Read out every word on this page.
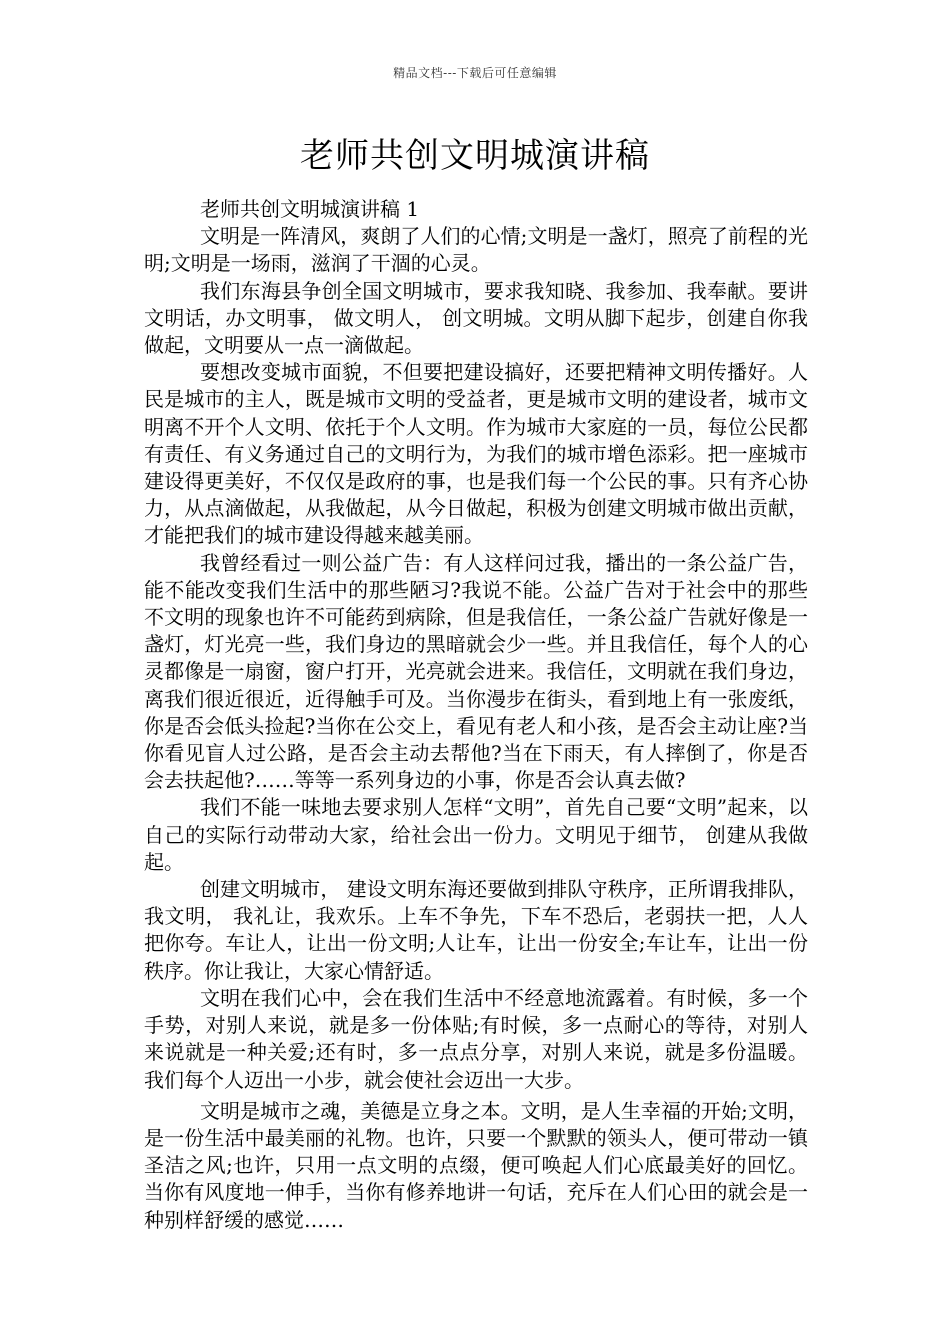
精品文档---下载后可任意编辑
老师共创文明城演讲稿

老师共创文明城演讲稿 1

文明是一阵清风，爽朗了人们的心情;文明是一盏灯，照亮了前程的光明;文明是一场雨，滋润了干涸的心灵。

我们东海县争创全国文明城市，要求我知晓、我参加、我奉献。要讲文明话，办文明事， 做文明人， 创文明城。文明从脚下起步，创建自你我做起，文明要从一点一滴做起。

要想改变城市面貌，不但要把建设搞好，还要把精神文明传播好。人民是城市的主人，既是城市文明的受益者，更是城市文明的建设者，城市文明离不开个人文明、依托于个人文明。作为城市大家庭的一员，每位公民都有责任、有义务通过自己的文明行为，为我们的城市增色添彩。把一座城市建设得更美好，不仅仅是政府的事，也是我们每一个公民的事。只有齐心协力，从点滴做起，从我做起，从今日做起，积极为创建文明城市做出贡献，才能把我们的城市建设得越来越美丽。

我曾经看过一则公益广告：有人这样问过我，播出的一条公益广告，能不能改变我们生活中的那些陋习?我说不能。公益广告对于社会中的那些不文明的现象也许不可能药到病除，但是我信任，一条公益广告就好像是一盏灯，灯光亮一些，我们身边的黑暗就会少一些。并且我信任，每个人的心灵都像是一扇窗，窗户打开，光亮就会进来。我信任，文明就在我们身边，离我们很近很近，近得触手可及。当你漫步在街头，看到地上有一张废纸，你是否会低头捡起?当你在公交上，看见有老人和小孩，是否会主动让座?当你看见盲人过公路，是否会主动去帮他?当在下雨天，有人摔倒了，你是否会去扶起他?……等等一系列身边的小事，你是否会认真去做?

我们不能一味地去要求别人怎样“文明”，首先自己要“文明”起来，以自己的实际行动带动大家，给社会出一份力。文明见于细节， 创建从我做起。

创建文明城市， 建设文明东海还要做到排队守秩序，正所谓我排队， 我文明， 我礼让，我欢乐。上车不争先，下车不恐后，老弱扶一把，人人把你夸。车让人，让出一份文明;人让车，让出一份安全;车让车，让出一份秩序。你让我让，大家心情舒适。

文明在我们心中，会在我们生活中不经意地流露着。有时候，多一个手势，对别人来说，就是多一份体贴;有时候，多一点耐心的等待，对别人来说就是一种关爱;还有时，多一点点分享，对别人来说，就是多份温暖。我们每个人迈出一小步，就会使社会迈出一大步。

文明是城市之魂，美德是立身之本。文明，是人生幸福的开始;文明，是一份生活中最美丽的礼物。也许，只要一个默默的领头人，便可带动一镇圣洁之风;也许，只用一点文明的点缀，便可唤起人们心底最美好的回忆。当你有风度地一伸手，当你有修养地讲一句话，充斥在人们心田的就会是一种别样舒缓的感觉……
